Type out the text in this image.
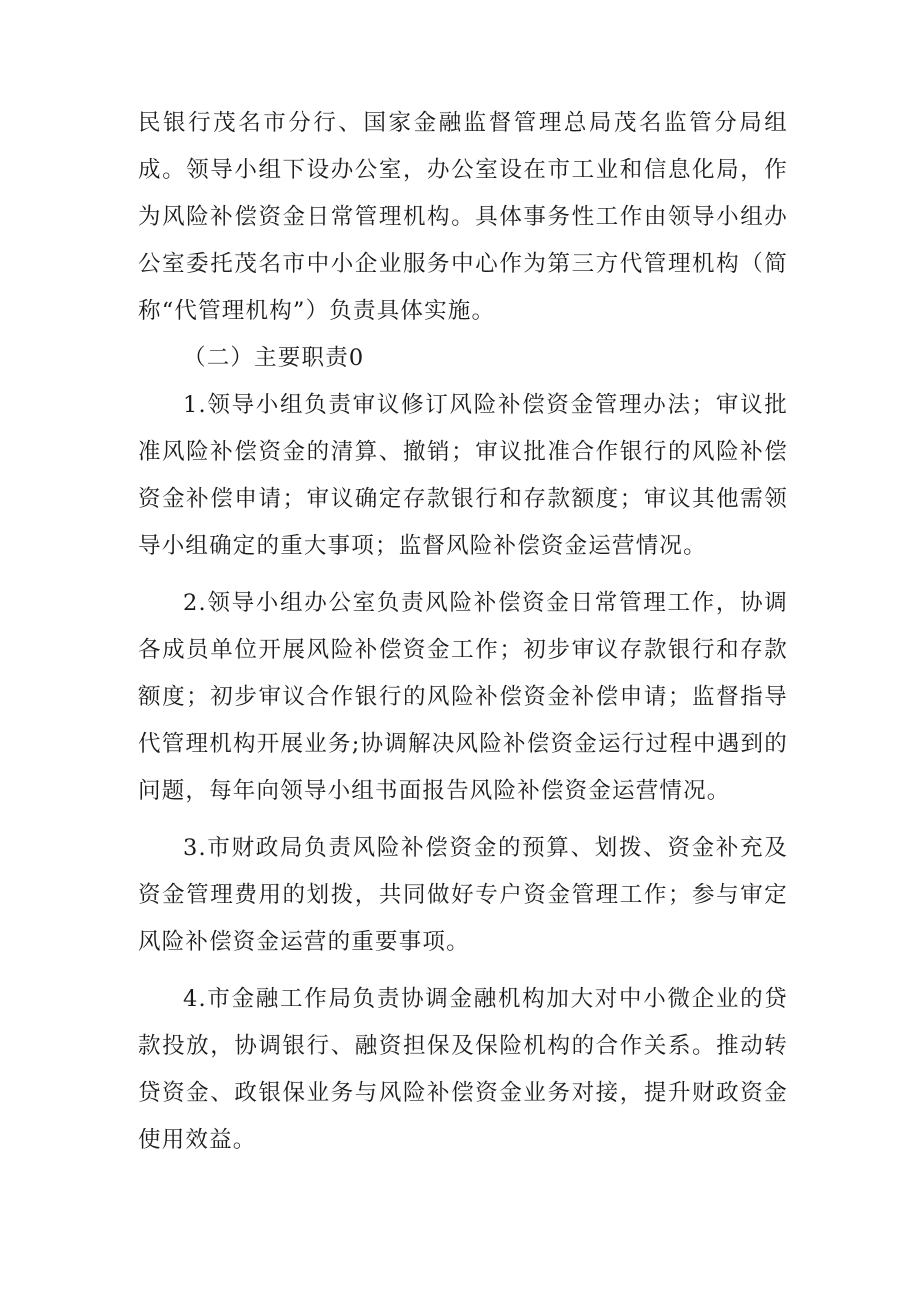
民银行茂名市分行、国家金融监督管理总局茂名监管分局组成。领导小组下设办公室，办公室设在市工业和信息化局，作为风险补偿资金日常管理机构。具体事务性工作由领导小组办公室委托茂名市中小企业服务中心作为第三方代管理机构（简称“代管理机构”）负责具体实施。

（二）主要职责0

1.领导小组负责审议修订风险补偿资金管理办法；审议批准风险补偿资金的清算、撤销；审议批准合作银行的风险补偿资金补偿申请；审议确定存款银行和存款额度；审议其他需领导小组确定的重大事项；监督风险补偿资金运营情况。

2.领导小组办公室负责风险补偿资金日常管理工作，协调各成员单位开展风险补偿资金工作；初步审议存款银行和存款额度；初步审议合作银行的风险补偿资金补偿申请；监督指导代管理机构开展业务;协调解决风险补偿资金运行过程中遇到的问题，每年向领导小组书面报告风险补偿资金运营情况。

3.市财政局负责风险补偿资金的预算、划拨、资金补充及资金管理费用的划拨，共同做好专户资金管理工作；参与审定风险补偿资金运营的重要事项。

4.市金融工作局负责协调金融机构加大对中小微企业的贷款投放，协调银行、融资担保及保险机构的合作关系。推动转贷资金、政银保业务与风险补偿资金业务对接，提升财政资金使用效益。
